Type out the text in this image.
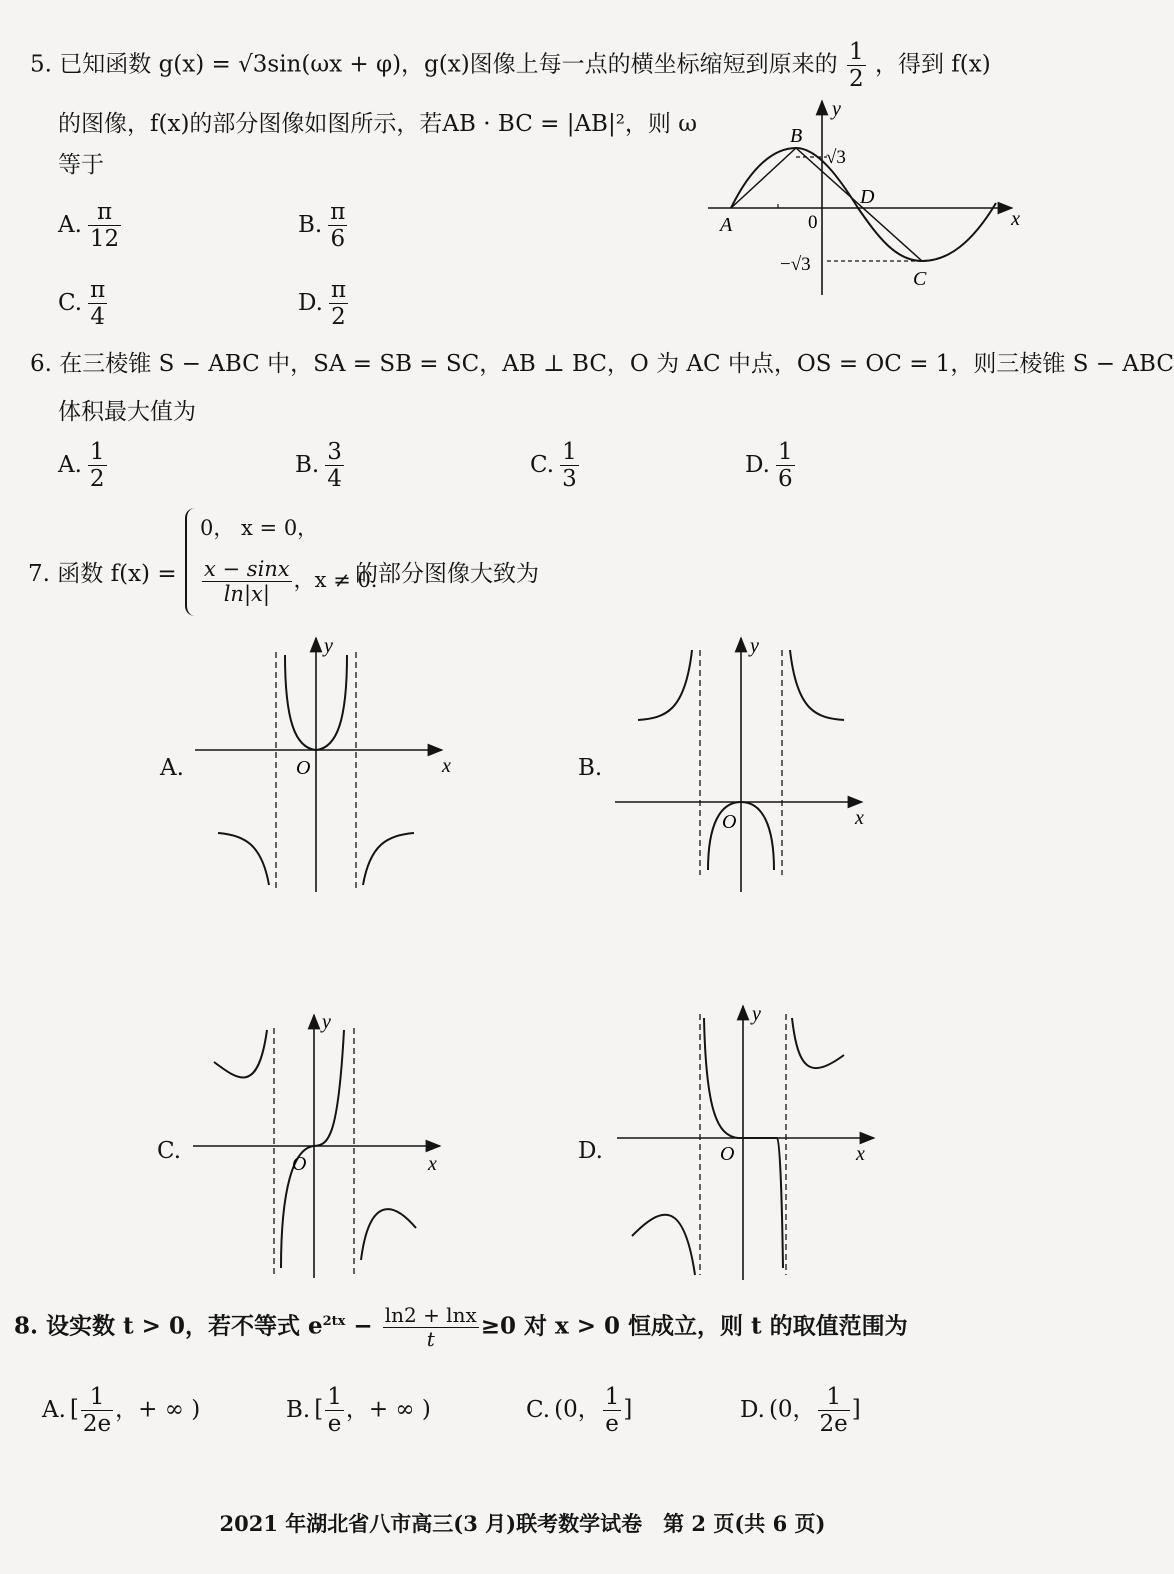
5. 已知函数 g(x) = √3sin(ωx + φ)，g(x)图像上每一点的横坐标缩短到原来的 $\frac{1}{2}$ ，得到 f(x)
的图像，f(x)的部分图像如图所示，若AB · BC = |AB|²，则 ω
等于
A. $\frac{\pi}{12}$	B. $\frac{\pi}{6}$
C. $\frac{\pi}{4}$	D. $\frac{\pi}{2}$
x
y
0
A
B
C
D
√3
−√3
6. 在三棱锥 S − ABC 中，SA = SB = SC，AB ⊥ BC，O 为 AC 中点，OS = OC = 1，则三棱锥 S − ABC
体积最大值为
A. $\frac{1}{2}$	B. $\frac{3}{4}$	C. $\frac{1}{3}$	D. $\frac{1}{6}$
7. 函数 f(x) =
0， x = 0，
$\frac{x - \sin x}{\ln|x|}$ ，x ≠ 0.
的部分图像大致为
A.	x
y
O	B.
x
y
O
C.	x
y
O	D.	x
y
O
8. 设实数 t > 0，若不等式 $e^{2tx} - \frac{\ln 2 + \ln x}{t} \ge 0$ 对 x > 0 恒成立，则 t 的取值范围为
A. [ $\frac{1}{2e}$ ，+ ∞ )	B. [ $\frac{1}{e}$ ，+ ∞ )	C. (0， $\frac{1}{e}$ ]	D. (0， $\frac{1}{2e}$ ]
2021 年湖北省八市高三(3 月)联考数学试卷　第 2 页(共 6 页)
